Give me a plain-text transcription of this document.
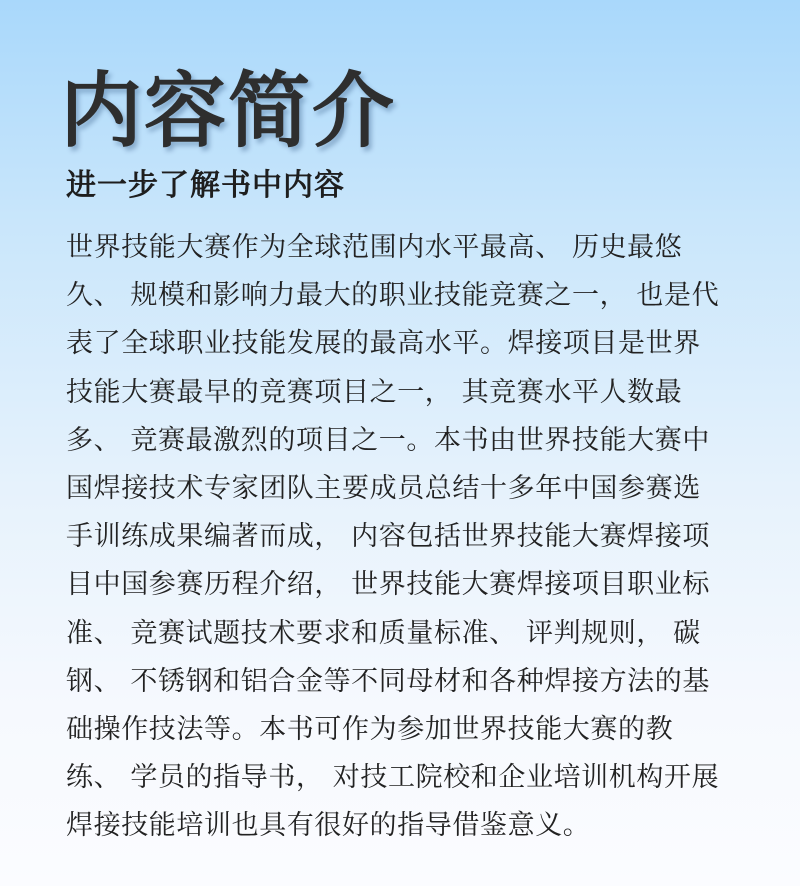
内容简介
进一步了解书中内容
世界技能大赛作为全球范围内水平最高、 历史最悠
久、 规模和影响力最大的职业技能竞赛之一， 也是代
表了全球职业技能发展的最高水平。焊接项目是世界
技能大赛最早的竞赛项目之一， 其竞赛水平人数最
多、 竞赛最激烈的项目之一。本书由世界技能大赛中
国焊接技术专家团队主要成员总结十多年中国参赛选
手训练成果编著而成， 内容包括世界技能大赛焊接项
目中国参赛历程介绍， 世界技能大赛焊接项目职业标
准、 竞赛试题技术要求和质量标准、 评判规则， 碳
钢、 不锈钢和铝合金等不同母材和各种焊接方法的基
础操作技法等。本书可作为参加世界技能大赛的教
练、 学员的指导书， 对技工院校和企业培训机构开展
焊接技能培训也具有很好的指导借鉴意义。
